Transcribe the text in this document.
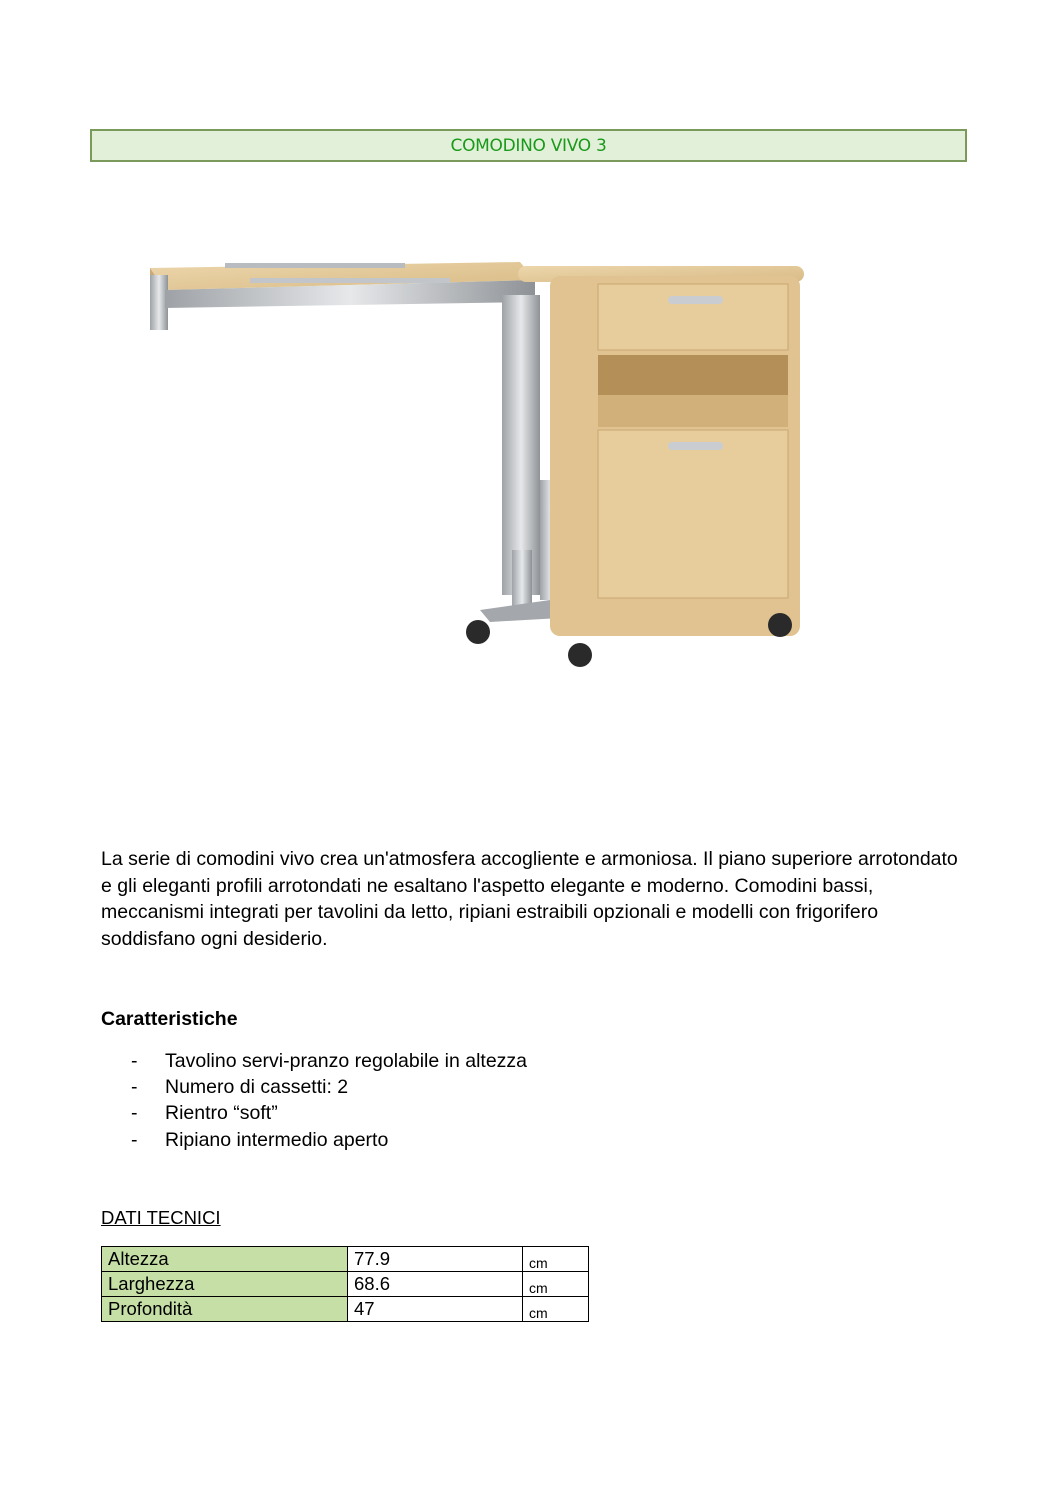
COMODINO VIVO 3

La serie di comodini vivo crea un'atmosfera accogliente e armoniosa. Il piano superiore arrotondato e gli eleganti profili arrotondati ne esaltano l'aspetto elegante e moderno. Comodini bassi, meccanismi integrati per tavolini da letto, ripiani estraibili opzionali e modelli con frigorifero soddisfano ogni desiderio.

Caratteristiche
-	Tavolino servi-pranzo regolabile in altezza
-	Numero di cassetti: 2
-	Rientro “soft”
-	Ripiano intermedio aperto

DATI TECNICI

Altezza	77.9	cm
Larghezza	68.6	cm
Profondità	47	cm
